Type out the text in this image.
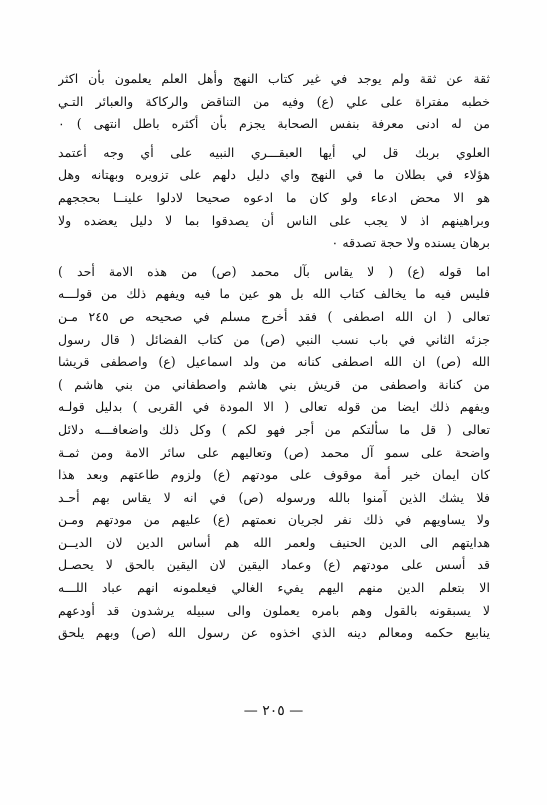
ثقة عن ثقة ولم يوجد في غير كتاب النهج وأهل العلم يعلمون بأن اكثر
خطبه مفتراة على علي (ع) وفيه من التناقض والركاكة والعبائر التـي
من له ادنى معرفة بنفس الصحابة يجزم بأن أكثره باطل انتهى ) ٠
العلوي بربك قل لي أيها العبقـــري النبيه على أي وجه أعتمد
هؤلاء في بطلان ما في النهج واي دليل دلهم على تزويره وبهتانه وهل
هو الا محض ادعاء ولو كان ما ادعوه صحيحا لادلوا علينــا بحججهم
وبراهينهم اذ لا يجب على الناس أن يصدقوا بما لا دليل يعضده ولا
برهان يسنده ولا حجة تصدقه ٠
اما قوله (ع) ( لا يقاس بآل محمد (ص) من هذه الامة أحد )
فليس فيه ما يخالف كتاب الله بل هو عين ما فيه ويفهم ذلك من قولـــه
تعالى ( ان الله اصطفى ) فقد أخرج مسلم في صحيحه ص ٢٤٥ مـن
جزئه الثاني في باب نسب النبي (ص) من كتاب الفضائل ( قال رسول
الله (ص) ان الله اصطفى كنانه من ولد اسماعيل (ع) واصطفى قريشا
من كنانة واصطفى من قريش بني هاشم واصطفاني من بني هاشم )
ويفهم ذلك ايضا من قوله تعالى ( الا المودة في القربى ) بدليل قولـه
تعالى ( قل ما سألتكم من أجر فهو لكم ) وكل ذلك واضعافـــه دلائل
واضحة على سمو آل محمد (ص) وتعاليهم على سائر الامة ومن ثمـة
كان ايمان خير أمة موقوف على مودتهم (ع) ولزوم طاعتهم وبعد هذا
فلا يشك الذين آمنوا بالله ورسوله (ص) في انه لا يقاس بهم أحـد
ولا يساويهم في ذلك نفر لجريان نعمتهم (ع) عليهم من مودتهم ومـن
هدايتهم الى الدين الحنيف ولعمر الله هم أساس الدين لان الديــن
قد أسس على مودتهم (ع) وعماد اليقين لان اليقين بالحق لا يحصـل
الا بتعلم الدين منهم اليهم يفيء الغالي فيعلمونه انهم عباد اللـــه
لا يسبقونه بالقول وهم بامره يعملون والى سبيله يرشدون قد أودعهم
ينابيع حكمه ومعالم دينه الذي اخذوه عن رسول الله (ص) وبهم يلحق
— ٢٠٥ —
